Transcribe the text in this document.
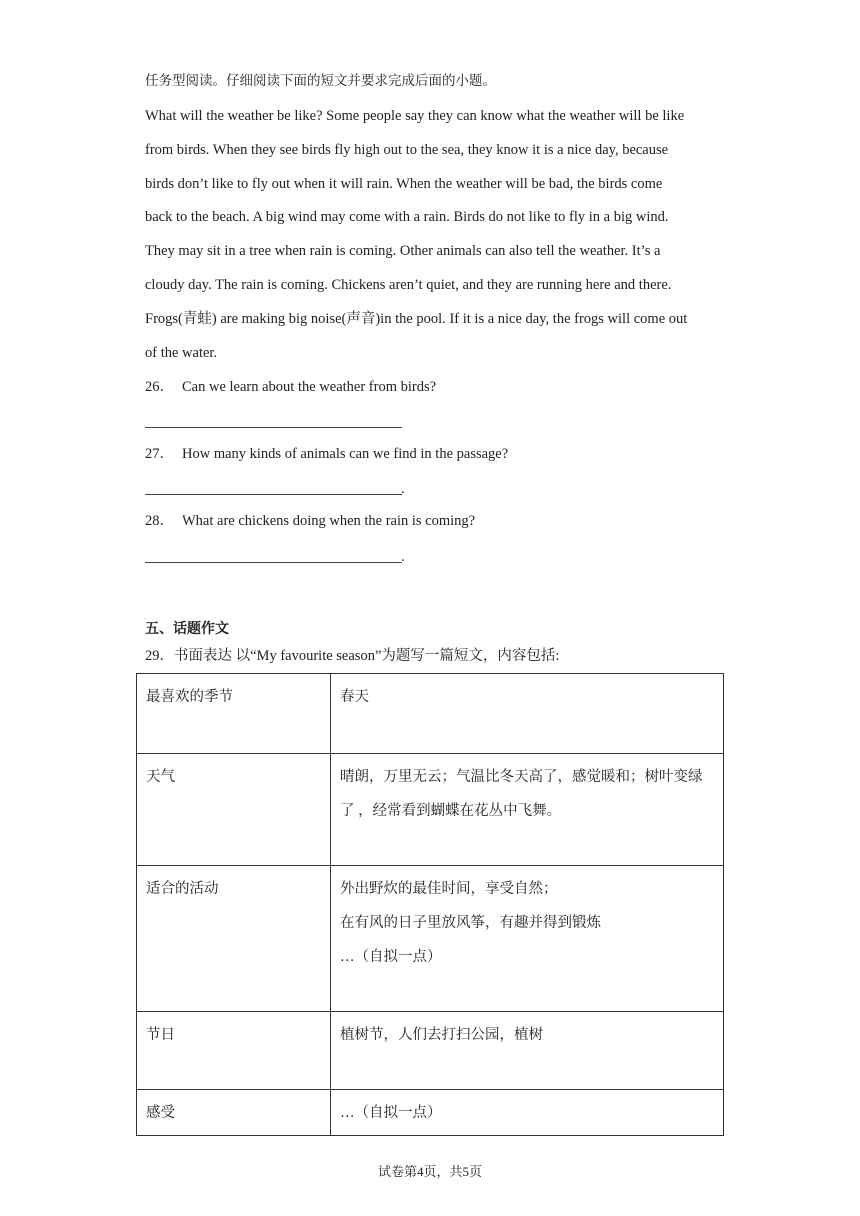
任务型阅读。仔细阅读下面的短文并要求完成后面的小题。
What will the weather be like? Some people say they can know what the weather will be like
from birds. When they see birds fly high out to the sea, they know it is a nice day, because
birds don’t like to fly out when it will rain. When the weather will be bad, the birds come
back to the beach. A big wind may come with a rain. Birds do not like to fly in a big wind.
They may sit in a tree when rain is coming. Other animals can also tell the weather. It’s a
cloudy day. The rain is coming. Chickens aren’t quiet, and they are running here and there.
Frogs(青蛙) are making big noise(声音)in the pool. If it is a nice day, the frogs will come out
of the water.
26． Can we learn about the weather from birds?
27． How many kinds of animals can we find in the passage?
.
28． What are chickens doing when the rain is coming?
.
五、话题作文
29．书面表达 以“My favourite season”为题写一篇短文，内容包括:
最喜欢的季节	春天

天气	晴朗，万里无云；气温比冬天高了，感觉暖和；树叶变绿
了 ，经常看到蝴蝶在花丛中飞舞。

适合的活动	外出野炊的最佳时间，享受自然；
在有风的日子里放风筝，有趣并得到锻炼
…（自拟一点）

节日	植树节，人们去打扫公园，植树

感受	…（自拟一点）
试卷第4页，共5页
